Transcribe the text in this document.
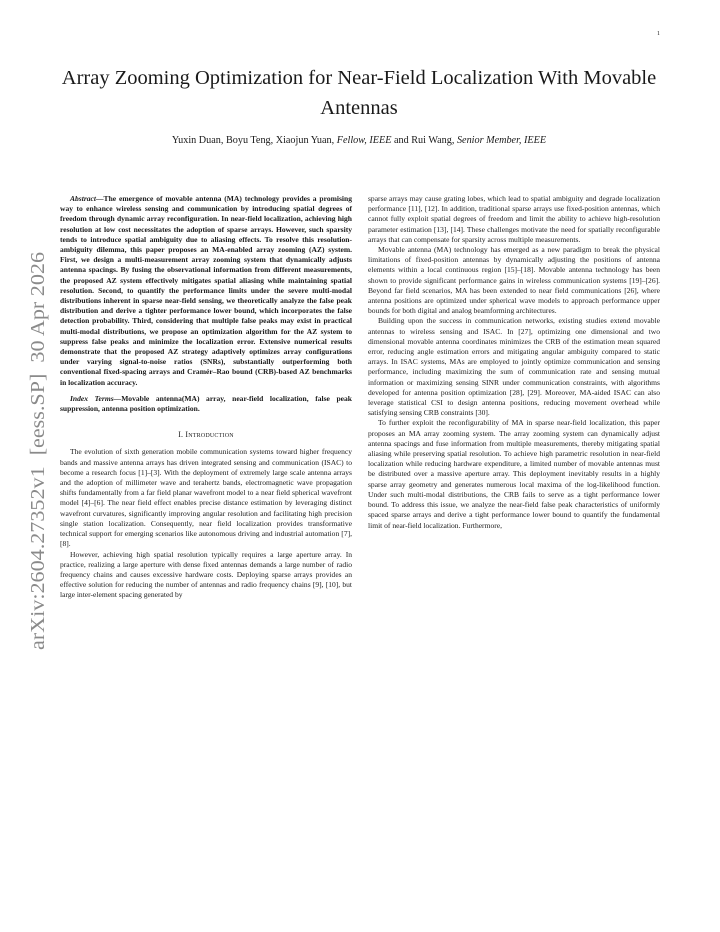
1
arXiv:2604.27352v1  [eess.SP]  30 Apr 2026
Array Zooming Optimization for Near-Field Localization With Movable Antennas
Yuxin Duan, Boyu Teng, Xiaojun Yuan, Fellow, IEEE and Rui Wang, Senior Member, IEEE

Abstract—The emergence of movable antenna (MA) technology provides a promising way to enhance wireless sensing and communication by introducing spatial degrees of freedom through dynamic array reconfiguration. In near-field localization, achieving high resolution at low cost necessitates the adoption of sparse arrays. However, such sparsity tends to introduce spatial ambiguity due to aliasing effects. To resolve this resolution-ambiguity dilemma, this paper proposes an MA-enabled array zooming (AZ) system. First, we design a multi-measurement array zooming system that dynamically adjusts antenna spacings. By fusing the observational information from different measurements, the proposed AZ system effectively mitigates spatial aliasing while maintaining spatial resolution. Second, to quantify the performance limits under the severe multi-modal distributions inherent in sparse near-field sensing, we theoretically analyze the false peak distribution and derive a tighter performance lower bound, which incorporates the false detection probability. Third, considering that multiple false peaks may exist in practical multi-modal distributions, we propose an optimization algorithm for the AZ system to suppress false peaks and minimize the localization error. Extensive numerical results demonstrate that the proposed AZ strategy adaptively optimizes array configurations under varying signal-to-noise ratios (SNRs), substantially outperforming both conventional fixed-spacing arrays and Cramér–Rao bound (CRB)-based AZ benchmarks in localization accuracy.

Index Terms—Movable antenna(MA) array, near-field localization, false peak suppression, antenna position optimization.

I. Introduction

The evolution of sixth generation mobile communication systems toward higher frequency bands and massive antenna arrays has driven integrated sensing and communication (ISAC) to become a research focus [1]–[3]. With the deployment of extremely large scale antenna arrays and the adoption of millimeter wave and terahertz bands, electromagnetic wave propagation shifts fundamentally from a far field planar wavefront model to a near field spherical wavefront model [4]–[6]. The near field effect enables precise distance estimation by leveraging distinct wavefront curvatures, significantly improving angular resolution and facilitating high precision single station localization. Consequently, near field localization provides transformative technical support for emerging scenarios like autonomous driving and industrial automation [7], [8].

However, achieving high spatial resolution typically requires a large aperture array. In practice, realizing a large aperture with dense fixed antennas demands a large number of radio frequency chains and causes excessive hardware costs. Deploying sparse arrays provides an effective solution for reducing the number of antennas and radio frequency chains [9], [10], but large inter-element spacing generated by

sparse arrays may cause grating lobes, which lead to spatial ambiguity and degrade localization performance [11], [12]. In addition, traditional sparse arrays use fixed-position antennas, which cannot fully exploit spatial degrees of freedom and limit the ability to achieve high-resolution parameter estimation [13], [14]. These challenges motivate the need for spatially reconfigurable arrays that can compensate for sparsity across multiple measurements.

Movable antenna (MA) technology has emerged as a new paradigm to break the physical limitations of fixed-position antennas by dynamically adjusting the positions of antenna elements within a local continuous region [15]–[18]. Movable antenna technology has been shown to provide significant performance gains in wireless communication systems [19]–[26]. Beyond far field scenarios, MA has been extended to near field communications [26], where antenna positions are optimized under spherical wave models to approach performance upper bounds for both digital and analog beamforming architectures.

Building upon the success in communication networks, existing studies extend movable antennas to wireless sensing and ISAC. In [27], optimizing one dimensional and two dimensional movable antenna coordinates minimizes the CRB of the estimation mean squared error, reducing angle estimation errors and mitigating angular ambiguity compared to static arrays. In ISAC systems, MAs are employed to jointly optimize communication and sensing performance, including maximizing the sum of communication rate and sensing mutual information or maximizing sensing SINR under communication constraints, with algorithms developed for antenna position optimization [28], [29]. Moreover, MA-aided ISAC can also leverage statistical CSI to design antenna positions, reducing movement overhead while satisfying sensing CRB constraints [30].

To further exploit the reconfigurability of MA in sparse near-field localization, this paper proposes an MA array zooming system. The array zooming system can dynamically adjust antenna spacings and fuse information from multiple measurements, thereby mitigating spatial aliasing while preserving spatial resolution. To achieve high parametric resolution in near-field localization while reducing hardware expenditure, a limited number of movable antennas must be distributed over a massive aperture array. This deployment inevitably results in a highly sparse array geometry and generates numerous local maxima of the log-likelihood function. Under such multi-modal distributions, the CRB fails to serve as a tight performance lower bound. To address this issue, we analyze the near-field false peak characteristics of uniformly spaced sparse arrays and derive a tight performance lower bound to quantify the fundamental limit of near-field localization. Furthermore,
